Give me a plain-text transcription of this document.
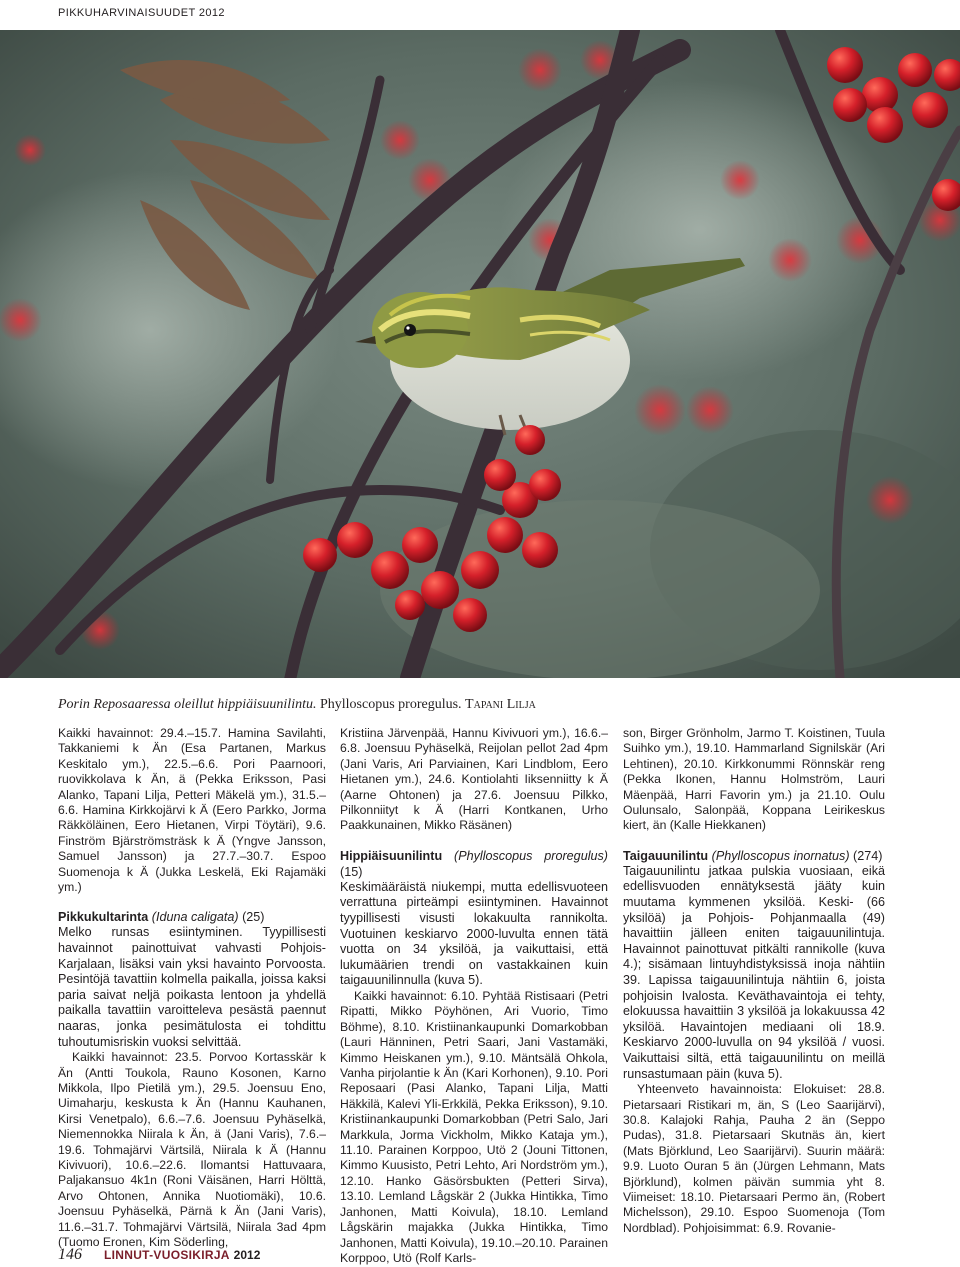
PIKKUHARVINAISUUDET 2012
Porin Reposaaressa oleillut hippiäisuunilintu. Phylloscopus proregulus. Tapani Lilja

Kaikki havainnot: 29.4.–15.7. Hamina Savilahti, Takkaniemi k Än (Esa Partanen, Markus Keskitalo ym.), 22.5.–6.6. Pori Paarnoori, ruovikkolava k Än, ä (Pekka Eriksson, Pasi Alanko, Tapani Lilja, Petteri Mäkelä ym.), 31.5.–6.6. Hamina Kirkkojärvi k Ä (Eero Parkko, Jorma Räkköläinen, Eero Hietanen, Virpi Töytäri), 9.6. Finström Bjärströmsträsk k Ä (Yngve Jansson, Samuel Jansson) ja 27.7.–30.7. Espoo Suomenoja k Ä (Jukka Leskelä, Eki Rajamäki ym.)

Pikkukultarinta (Iduna caligata) (25)

Melko runsas esiintyminen. Tyypillisesti havainnot painottuivat vahvasti Pohjois-Karjalaan, lisäksi vain yksi havainto Porvoosta. Pesintöjä tavattiin kolmella paikalla, joissa kaksi paria saivat neljä poikasta lentoon ja yhdellä paikalla tavattiin varoitteleva pesästä paennut naaras, jonka pesimätulosta ei tohdittu tuhoutumisriskin vuoksi selvittää.

Kaikki havainnot: 23.5. Porvoo Kortasskär k Än (Antti Toukola, Rauno Kosonen, Karno Mikkola, Ilpo Pietilä ym.), 29.5. Joensuu Eno, Uimaharju, keskusta k Än (Hannu Kauhanen, Kirsi Venetpalo), 6.6.–7.6. Joensuu Pyhäselkä, Niemennokka Niirala k Än, ä (Jani Varis), 7.6.–19.6. Tohmajärvi Värtsilä, Niirala k Ä (Hannu Kivivuori), 10.6.–22.6. Ilomantsi Hattuvaara, Paljakansuo 4k1n (Roni Väisänen, Harri Hölttä, Arvo Ohtonen, Annika Nuotiomäki), 10.6. Joensuu Pyhäselkä, Pärnä k Än (Jani Varis), 11.6.–31.7. Tohmajärvi Värtsilä, Niirala 3ad 4pm (Tuomo Eronen, Kim Söderling,

Kristiina Järvenpää, Hannu Kivivuori ym.), 16.6.–6.8. Joensuu Pyhäselkä, Reijolan pellot 2ad 4pm (Jani Varis, Ari Parviainen, Kari Lindblom, Eero Hietanen ym.), 24.6. Kontiolahti Iiksenniitty k Ä (Aarne Ohtonen) ja 27.6. Joensuu Pilkko, Pilkonniityt k Ä (Harri Kontkanen, Urho Paakkunainen, Mikko Räsänen)

Hippiäisuunilintu (Phylloscopus proregulus) (15)

Keskimääräistä niukempi, mutta edellisvuoteen verrattuna pirteämpi esiintyminen. Havainnot tyypillisesti visusti lokakuulta rannikolta. Vuotuinen keskiarvo 2000-luvulta ennen tätä vuotta on 34 yksilöä, ja vaikuttaisi, että lukumäärien trendi on vastakkainen kuin taigauunilinnulla (kuva 5).

Kaikki havainnot: 6.10. Pyhtää Ristisaari (Petri Ripatti, Mikko Pöyhönen, Ari Vuorio, Timo Böhme), 8.10. Kristiinankaupunki Domarkobban (Lauri Hänninen, Petri Saari, Jani Vastamäki, Kimmo Heiskanen ym.), 9.10. Mäntsälä Ohkola, Vanha pirjolantie k Än (Kari Korhonen), 9.10. Pori Reposaari (Pasi Alanko, Tapani Lilja, Matti Häkkilä, Kalevi Yli-Erkkilä, Pekka Eriksson), 9.10. Kristiinankaupunki Domarkobban (Petri Salo, Jari Markkula, Jorma Vickholm, Mikko Kataja ym.), 11.10. Parainen Korppoo, Utö 2 (Jouni Tittonen, Kimmo Kuusisto, Petri Lehto, Ari Nordström ym.), 12.10. Hanko Gäsörsbukten (Petteri Sirva), 13.10. Lemland Lågskär 2 (Jukka Hintikka, Timo Janhonen, Matti Koivula), 18.10. Lemland Lågskärin majakka (Jukka Hintikka, Timo Janhonen, Matti Koivula), 19.10.–20.10. Parainen Korppoo, Utö (Rolf Karls-

son, Birger Grönholm, Jarmo T. Koistinen, Tuula Suihko ym.), 19.10. Hammarland Signilskär (Ari Lehtinen), 20.10. Kirkkonummi Rönnskär reng (Pekka Ikonen, Hannu Holmström, Lauri Mäenpää, Harri Favorin ym.) ja 21.10. Oulu Oulunsalo, Salonpää, Koppana Leirikeskus kiert, än (Kalle Hiekkanen)

Taigauunilintu (Phylloscopus inornatus) (274)

Taigauunilintu jatkaa pulskia vuosiaan, eikä edellisvuoden ennätyksestä jääty kuin muutama kymmenen yksilöä. Keski- (66 yksilöä) ja Pohjois- Pohjanmaalla (49) havaittiin jälleen eniten taigauunilintuja. Havainnot painottuvat pitkälti rannikolle (kuva 4.); sisämaan lintuyhdistyksissä inoja nähtiin 39. Lapissa taigauunilintuja nähtiin 6, joista pohjoisin Ivalosta. Keväthavaintoja ei tehty, elokuussa havaittiin 3 yksilöä ja lokakuussa 42 yksilöä. Havaintojen mediaani oli 18.9. Keskiarvo 2000-luvulla on 94 yksilöä / vuosi. Vaikuttaisi siltä, että taigauunilintu on meillä runsastumaan päin (kuva 5).

Yhteenveto havainnoista: Elokuiset: 28.8. Pietarsaari Ristikari m, än, S (Leo Saarijärvi), 30.8. Kalajoki Rahja, Pauha 2 än (Seppo Pudas), 31.8. Pietarsaari Skutnäs än, kiert (Mats Björklund, Leo Saarijärvi). Suurin määrä: 9.9. Luoto Ouran 5 än (Jürgen Lehmann, Mats Björklund), kolmen päivän summia yht 8. Viimeiset: 18.10. Pietarsaari Permo än, (Robert Michelsson), 29.10. Espoo Suomenoja (Tom Nordblad). Pohjoisimmat: 6.9. Rovanie-

146 LINNUT-VUOSIKIRJA 2012
